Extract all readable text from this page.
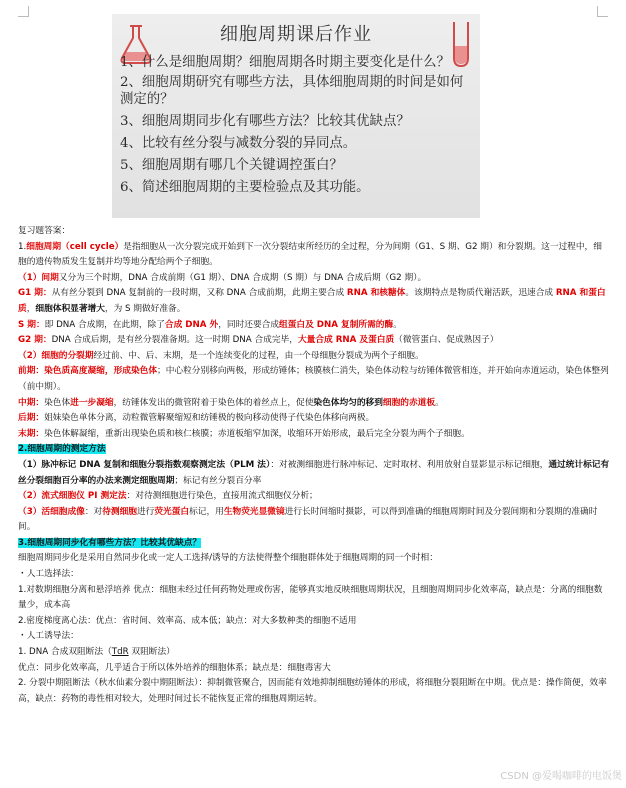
细胞周期课后作业
1、什么是细胞周期？细胞周期各时期主要变化是什么？
2、细胞周期研究有哪些方法，具体细胞周期的时间是如何测定的？
3、细胞周期同步化有哪些方法？比较其优缺点？
4、比较有丝分裂与减数分裂的异同点。
5、细胞周期有哪几个关键调控蛋白？
6、简述细胞周期的主要检验点及其功能。

复习题答案：

1.细胞周期（cell cycle）是指细胞从一次分裂完成开始到下一次分裂结束所经历的全过程，分为间期（G1、S 期、G2 期）和分裂期。这一过程中，细胞的遗传物质发生复制并均等地分配给两个子细胞。

（1）间期又分为三个时期，DNA 合成前期（G1 期）、DNA 合成期（S 期）与 DNA 合成后期（G2 期）。

G1 期：从有丝分裂到 DNA 复制前的一段时期，又称 DNA 合成前期，此期主要合成 RNA 和核糖体。该期特点是物质代谢活跃，迅速合成 RNA 和蛋白质，细胞体积显著增大，为 S 期做好准备。

S 期：即 DNA 合成期，在此期，除了合成 DNA 外，同时还要合成组蛋白及 DNA 复制所需的酶。

G2 期：DNA 合成后期，是有丝分裂准备期。这一时期 DNA 合成完毕，大量合成 RNA 及蛋白质（微管蛋白、促成熟因子）

（2）细胞的分裂期经过前、中、后、末期，是一个连续变化的过程，由一个母细胞分裂成为两个子细胞。

前期：染色质高度凝缩，形成染色体；中心粒分别移向两极，形成纺锤体；核膜核仁消失，染色体动粒与纺锤体微管相连，并开始向赤道运动，染色体整列（前中期）。

中期：染色体进一步凝缩，纺锤体发出的微管附着于染色体的着丝点上，促使染色体均匀的移到细胞的赤道板。

后期：姐妹染色单体分离，动粒微管解聚缩短和纺锤极的极向移动使得子代染色体移向两极。

末期：染色体解凝缩，重新出现染色质和核仁核膜；赤道板缩窄加深，收缩环开始形成，最后完全分裂为两个子细胞。

2.细胞周期的测定方法

（1）脉冲标记 DNA 复制和细胞分裂指数观察测定法（PLM 法）：对被测细胞进行脉冲标记、定时取材、利用放射自显影显示标记细胞，通过统计标记有丝分裂细胞百分率的办法来测定细胞周期；标记有丝分裂百分率

（2）流式细胞仪 PI 测定法：对待测细胞进行染色，直接用流式细胞仪分析；

（3）活细胞成像：对待测细胞进行荧光蛋白标记，用生物荧光显微镜进行长时间缩时摄影，可以得到准确的细胞周期时间及分裂间期和分裂期的准确时间。

3.细胞周期同步化有哪些方法？比较其优缺点？

细胞周期同步化是采用自然同步化或一定人工选择/诱导的方法使得整个细胞群体处于细胞周期的同一个时相：

・人工选择法：

1.对数期细胞分离和悬浮培养 优点：细胞未经过任何药物处理或伤害，能够真实地反映细胞周期状况，且细胞周期同步化效率高，缺点是：分离的细胞数量少，成本高

2.密度梯度离心法：优点：省时间、效率高、成本低；缺点：对大多数种类的细胞不适用

・人工诱导法：

1. DNA 合成双阻断法（TdR 双阻断法）

优点：同步化效率高，几乎适合于所以体外培养的细胞体系；缺点是：细胞毒害大

2. 分裂中期阻断法（秋水仙素分裂中期阻断法）：抑制微管聚合，因而能有效地抑制细胞纺锤体的形成，将细胞分裂阻断在中期。优点是：操作简便，效率高，缺点：药物的毒性相对较大，处理时间过长不能恢复正常的细胞周期运转。

CSDN @爱喝咖啡的电饭煲
